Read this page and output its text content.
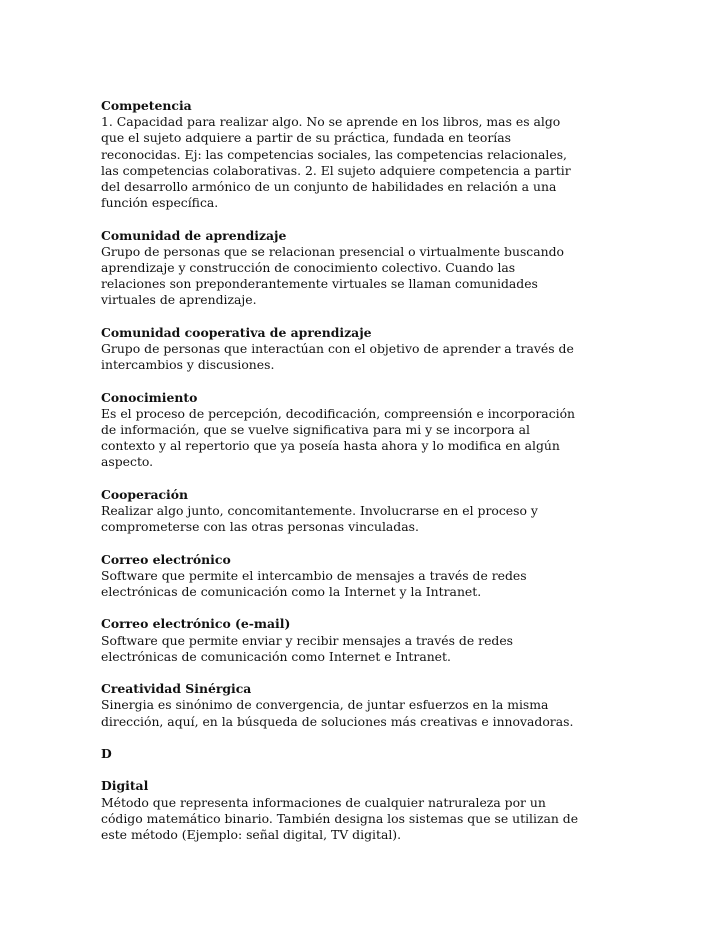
Competencia
1. Capacidad para realizar algo. No se aprende en los libros, mas es algo que el sujeto adquiere a partir de su práctica, fundada en teorías reconocidas. Ej: las competencias sociales, las competencias relacionales, las competencias colaborativas. 2. El sujeto adquiere competencia a partir del desarrollo armónico de un conjunto de habilidades en relación a una función específica.
Comunidad de aprendizaje
Grupo de personas que se relacionan presencial o virtualmente buscando aprendizaje y construcción de conocimiento colectivo. Cuando las relaciones son preponderantemente virtuales se llaman comunidades virtuales de aprendizaje.
Comunidad cooperativa de aprendizaje
Grupo de personas que interactúan con el objetivo de aprender a través de intercambios y discusiones.
Conocimiento
Es el proceso de percepción, decodificación, compreensión e incorporación de información, que se vuelve significativa para mi y se incorpora al contexto y al repertorio que ya poseía hasta ahora y lo modifica en algún aspecto.
Cooperación
Realizar algo junto, concomitantemente. Involucrarse en el proceso y comprometerse con las otras personas vinculadas.
Correo electrónico
Software que permite el intercambio de mensajes a través de redes electrónicas de comunicación como la Internet y la Intranet.
Correo electrónico (e-mail)
Software que permite enviar y recibir mensajes a través de redes electrónicas de comunicación como Internet e Intranet.
Creatividad Sinérgica
Sinergia es sinónimo de convergencia, de juntar esfuerzos en la misma dirección, aquí, en la búsqueda de soluciones más creativas e innovadoras.
D
Digital
Método que representa informaciones de cualquier natruraleza por un código matemático binario. También designa los sistemas que se utilizan de este método (Ejemplo: señal digital, TV digital).
